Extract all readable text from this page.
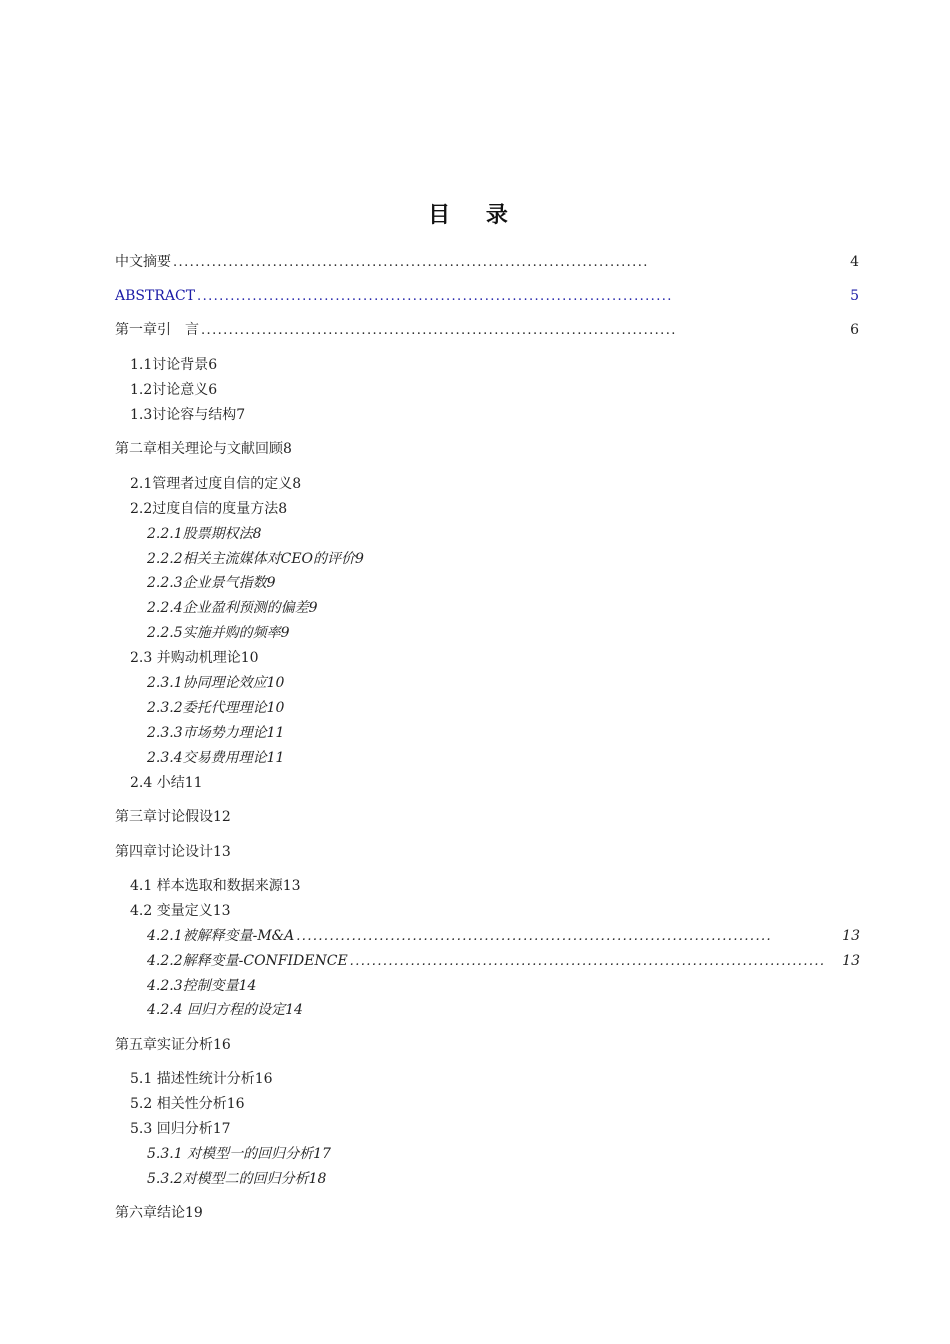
目 录
中文摘要 ......................................................................................	4
ABSTRACT ......................................................................................	5
第一章引　言 ......................................................................................	6
1.1讨论背景6
1.2讨论意义6
1.3讨论容与结构7
第二章相关理论与文献回顾8
2.1管理者过度自信的定义8
2.2过度自信的度量方法8
2.2.1股票期权法8
2.2.2相关主流媒体对CEO的评价9
2.2.3企业景气指数9
2.2.4企业盈利预测的偏差9
2.2.5实施并购的频率9
2.3 并购动机理论10
2.3.1协同理论效应10
2.3.2委托代理理论10
2.3.3市场势力理论11
2.3.4交易费用理论11
2.4 小结11
第三章讨论假设12
第四章讨论设计13
4.1 样本选取和数据来源13
4.2 变量定义13
4.2.1被解释变量-M&A ......................................................................................	13
4.2.2解释变量-CONFIDENCE ......................................................................................	13
4.2.3控制变量14
4.2.4 回归方程的设定14
第五章实证分析16
5.1 描述性统计分析16
5.2 相关性分析16
5.3 回归分析17
5.3.1 对模型一的回归分析17
5.3.2对模型二的回归分析18
第六章结论19
